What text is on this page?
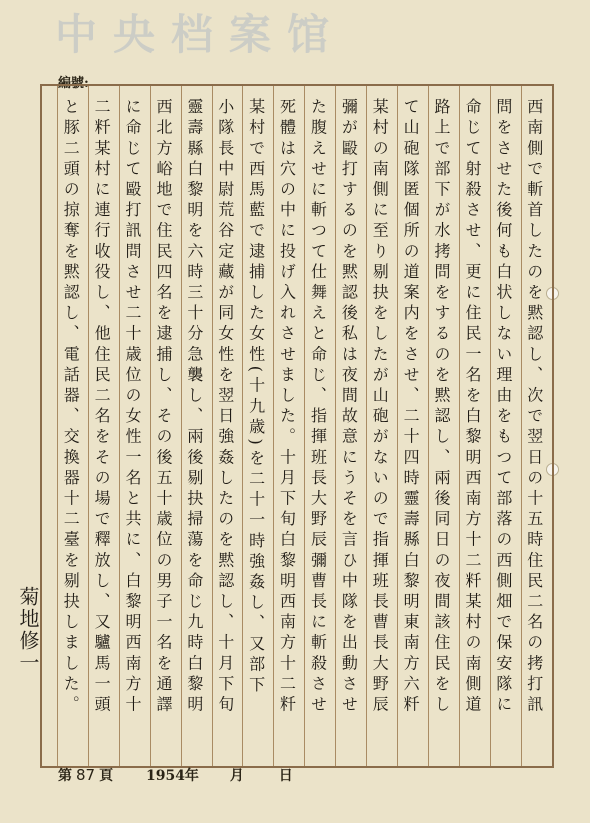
中央档案馆
編號:
西南側で斬首したのを黙認し、次で翌日の十五時住民二名の拷打訊
問をさせた後何も白状しない理由をもつて部落の西側畑で保安隊に
命じて射殺させ、更に住民一名を白黎明西南方十二粁某村の南側道
路上で部下が水拷問をするのを黙認し、兩後同日の夜間該住民をし
て山砲隊匿個所の道案内をさせ、二十四時靈壽縣白黎明東南方六粁
某村の南側に至り剔抉をしたが山砲がないので指揮班長曹長大野辰
彌が毆打するのを黙認後私は夜間故意にうそを言ひ中隊を出動させ
た腹えせに斬つて仕舞えと命じ、指揮班長大野辰彌曹長に斬殺させ
死體は穴の中に投げ入れさせました。十月下旬白黎明西南方十二粁
某村で西馬藍で逮捕した女性(十九歳)を二十一時強姦し、又部下
小隊長中尉荒谷定藏が同女性を翌日強姦したのを黙認し、十月下旬
靈壽縣白黎明を六時三十分急襲し、兩後剔抉掃蕩を命じ九時白黎明
西北方峪地で住民四名を逮捕し、その後五十歳位の男子一名を通譯
に命じて毆打訊問させ二十歳位の女性一名と共に、白黎明西南方十
二粁某村に連行收役し、他住民二名をその場で釋放し、又驢馬一頭
と豚二頭の掠奪を黙認し、電話器、交換器十二臺を剔抉しました。
菊地修一
第 87 頁 1954年 月 日
